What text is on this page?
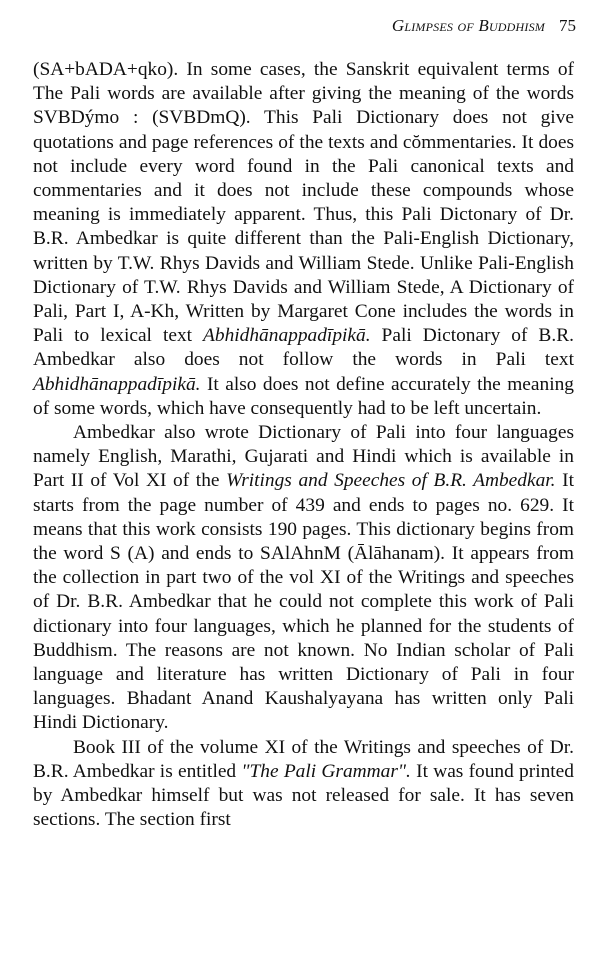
Glimpses of Buddhism 75

(SA+bADA+qko). In some cases, the Sanskrit equivalent terms of The Pali words are available after giving the meaning of the words SVBDýmo : (SVBDmQ). This Pali Dictionary does not give quotations and page references of the texts and cŏmmentaries. It does not include every word found in the Pali canonical texts and commentaries and it does not include these compounds whose meaning is immediately apparent. Thus, this Pali Dictonary of Dr. B.R. Ambedkar is quite different than the Pali-English Dictionary, written by T.W. Rhys Davids and William Stede. Unlike Pali-English Dictionary of T.W. Rhys Davids and William Stede, A Dictionary of Pali, Part I, A-Kh, Written by Margaret Cone includes the words in Pali to lexical text Abhidhānappadīpikā. Pali Dictonary of B.R. Ambedkar also does not follow the words in Pali text Abhidhānappadīpikā. It also does not define accurately the meaning of some words, which have consequently had to be left uncertain.

Ambedkar also wrote Dictionary of Pali into four languages namely English, Marathi, Gujarati and Hindi which is available in Part II of Vol XI of the Writings and Speeches of B.R. Ambedkar. It starts from the page number of 439 and ends to pages no. 629. It means that this work consists 190 pages. This dictionary begins from the word S (A) and ends to SAlAhnM (Ālāhanam). It appears from the collection in part two of the vol XI of the Writings and speeches of Dr. B.R. Ambedkar that he could not complete this work of Pali dictionary into four languages, which he planned for the students of Buddhism. The reasons are not known. No Indian scholar of Pali language and literature has written Dictionary of Pali in four languages. Bhadant Anand Kaushalyayana has written only Pali Hindi Dictionary.

Book III of the volume XI of the Writings and speeches of Dr. B.R. Ambedkar is entitled "The Pali Grammar". It was found printed by Ambedkar himself but was not released for sale. It has seven sections. The section first
